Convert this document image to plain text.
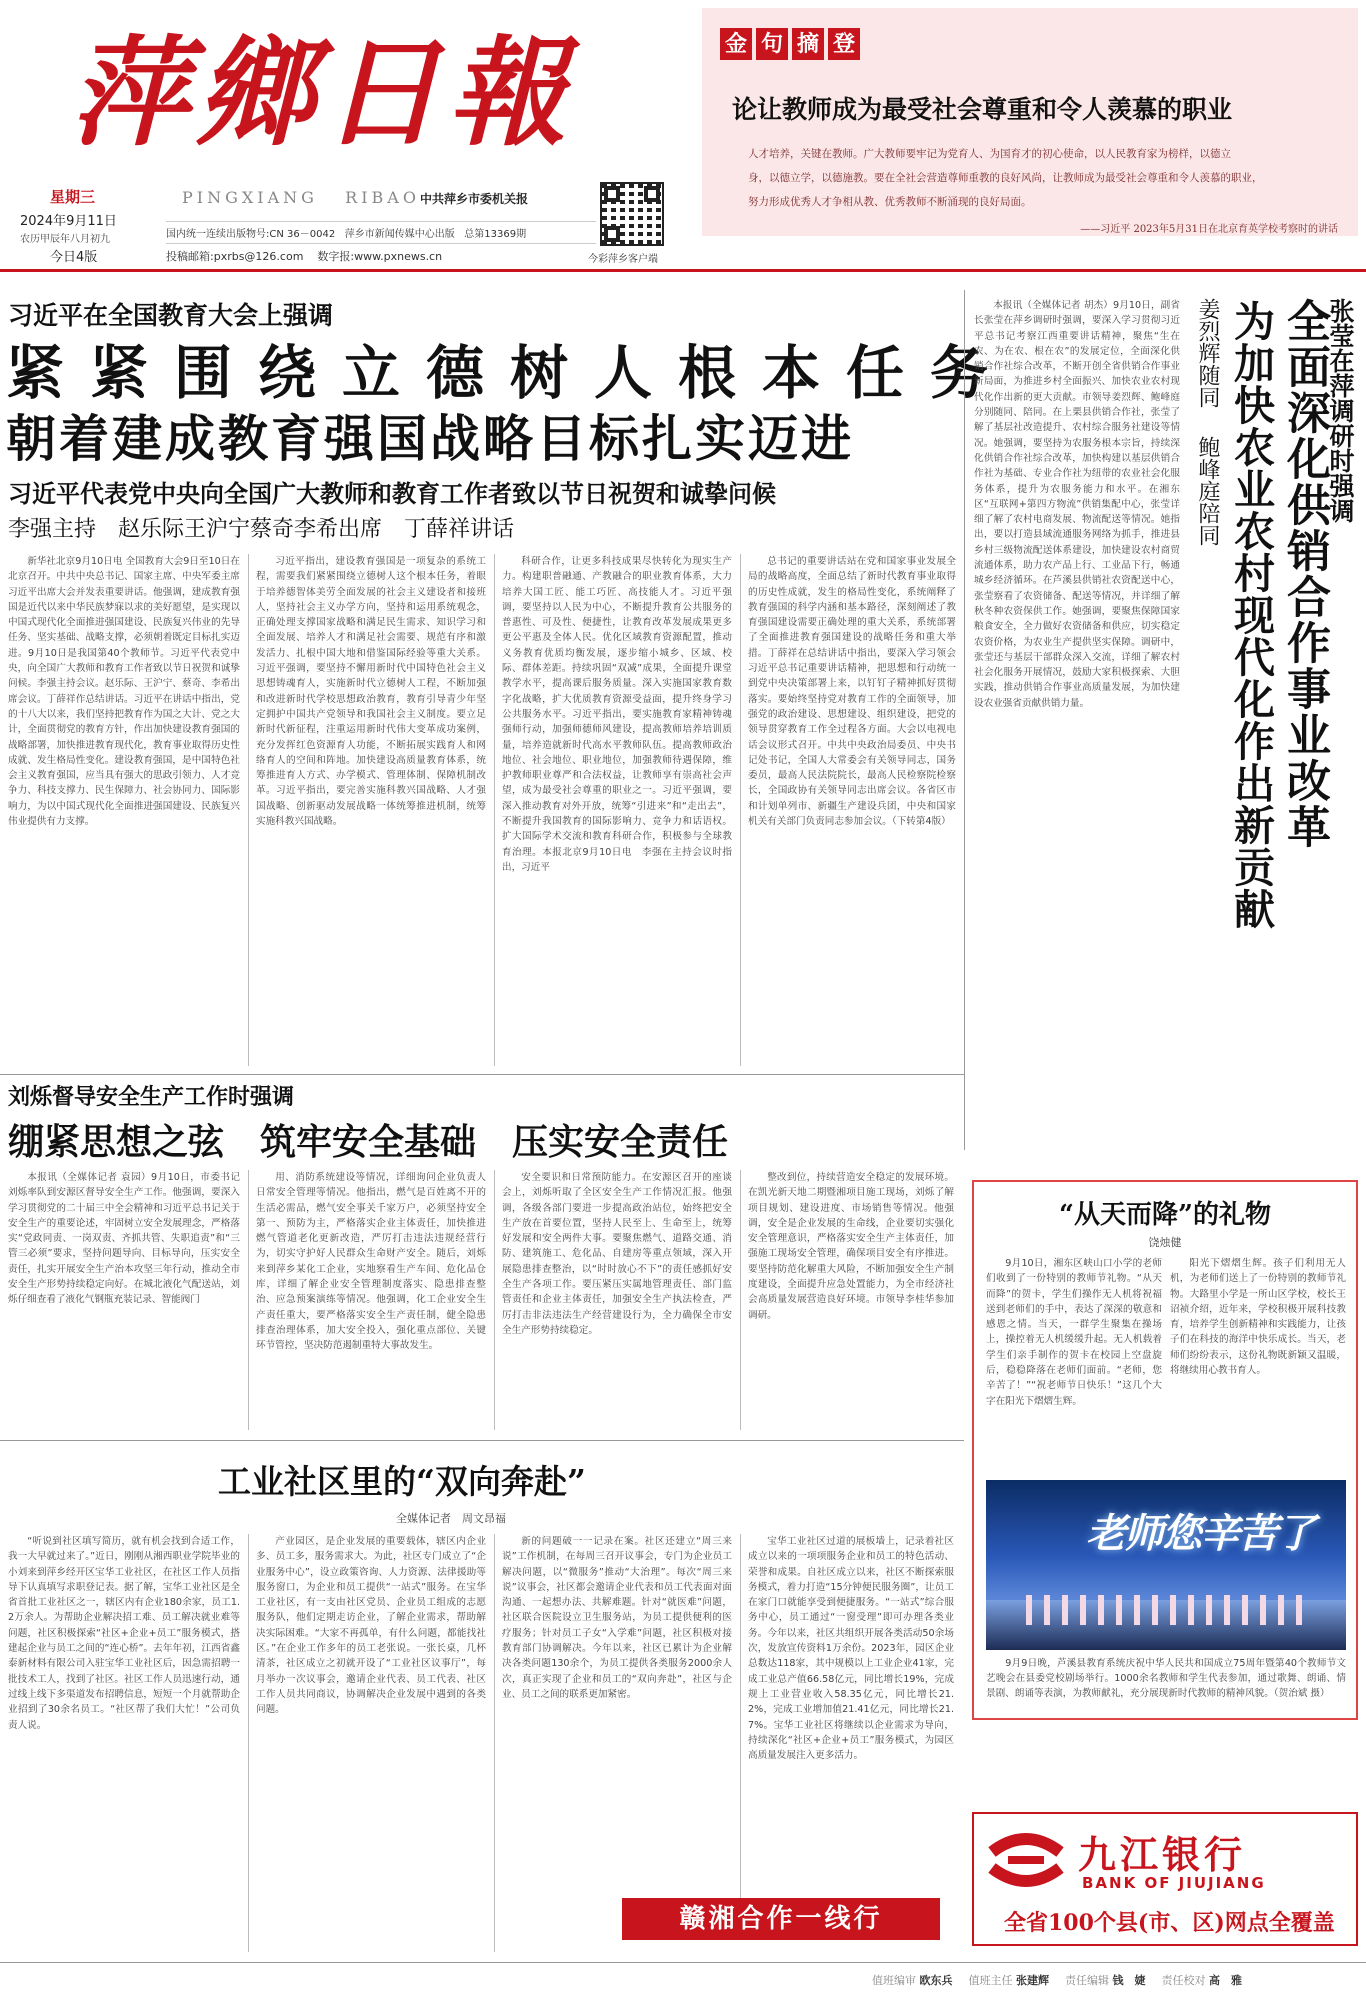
萍鄉日報
星期三
2024年9月11日
农历甲辰年八月初九
今日4版
PINGXIANG   RIBAO 中共萍乡市委机关报
国内统一连续出版物号:CN 36－0042 萍乡市新闻传媒中心出版 总第13369期
投稿邮箱:pxrbs@126.com 数字报:www.pxnews.cn	今彩萍乡客户端
金 句 摘 登
论让教师成为最受社会尊重和令人羡慕的职业
人才培养，关键在教师。广大教师要牢记为党育人、为国育才的初心使命，以人民教育家为榜样，以德立
身，以德立学，以德施教。要在全社会营造尊师重教的良好风尚，让教师成为最受社会尊重和令人羡慕的职业，
努力形成优秀人才争相从教、优秀教师不断涌现的良好局面。
——习近平 2023年5月31日在北京育英学校考察时的讲话
习近平在全国教育大会上强调
紧紧围绕立德树人根本任务
朝着建成教育强国战略目标扎实迈进
习近平代表党中央向全国广大教师和教育工作者致以节日祝贺和诚挚问候
李强主持　赵乐际王沪宁蔡奇李希出席　丁薛祥讲话

新华社北京9月10日电 全国教育大会9日至10日在北京召开。中共中央总书记、国家主席、中央军委主席习近平出席大会并发表重要讲话。他强调，建成教育强国是近代以来中华民族梦寐以求的美好愿望，是实现以中国式现代化全面推进强国建设、民族复兴伟业的先导任务、坚实基础、战略支撑，必须朝着既定目标扎实迈进。9月10日是我国第40个教师节。习近平代表党中央，向全国广大教师和教育工作者致以节日祝贺和诚挚问候。李强主持会议。赵乐际、王沪宁、蔡奇、李希出席会议。丁薛祥作总结讲话。习近平在讲话中指出，党的十八大以来，我们坚持把教育作为国之大计、党之大计，全面贯彻党的教育方针，作出加快建设教育强国的战略部署，加快推进教育现代化，教育事业取得历史性成就、发生格局性变化。建设教育强国，是中国特色社会主义教育强国，应当具有强大的思政引领力、人才竞争力、科技支撑力、民生保障力、社会协同力、国际影响力，为以中国式现代化全面推进强国建设、民族复兴伟业提供有力支撑。

习近平指出，建设教育强国是一项复杂的系统工程，需要我们紧紧围绕立德树人这个根本任务，着眼于培养德智体美劳全面发展的社会主义建设者和接班人，坚持社会主义办学方向，坚持和运用系统观念，正确处理支撑国家战略和满足民生需求、知识学习和全面发展、培养人才和满足社会需要、规范有序和激发活力、扎根中国大地和借鉴国际经验等重大关系。习近平强调，要坚持不懈用新时代中国特色社会主义思想铸魂育人，实施新时代立德树人工程，不断加强和改进新时代学校思想政治教育，教育引导青少年坚定拥护中国共产党领导和我国社会主义制度。要立足新时代新征程，注重运用新时代伟大变革成功案例，充分发挥红色资源育人功能，不断拓展实践育人和网络育人的空间和阵地。加快建设高质量教育体系，统筹推进育人方式、办学模式、管理体制、保障机制改革。习近平指出，要完善实施科教兴国战略、人才强国战略、创新驱动发展战略一体统筹推进机制，统筹实施科教兴国战略。

科研合作，让更多科技成果尽快转化为现实生产力。构建职普融通、产教融合的职业教育体系，大力培养大国工匠、能工巧匠、高技能人才。习近平强调，要坚持以人民为中心，不断提升教育公共服务的普惠性、可及性、便捷性，让教育改革发展成果更多更公平惠及全体人民。优化区域教育资源配置，推动义务教育优质均衡发展，逐步缩小城乡、区域、校际、群体差距。持续巩固“双减”成果，全面提升课堂教学水平，提高课后服务质量。深入实施国家教育数字化战略，扩大优质教育资源受益面，提升终身学习公共服务水平。习近平指出，要实施教育家精神铸魂强师行动，加强师德师风建设，提高教师培养培训质量，培养造就新时代高水平教师队伍。提高教师政治地位、社会地位、职业地位，加强教师待遇保障，维护教师职业尊严和合法权益，让教师享有崇高社会声望，成为最受社会尊重的职业之一。习近平强调，要深入推动教育对外开放，统筹“引进来”和“走出去”，不断提升我国教育的国际影响力、竞争力和话语权。扩大国际学术交流和教育科研合作，积极参与全球教育治理。本报北京9月10日电　李强在主持会议时指出，习近平

总书记的重要讲话站在党和国家事业发展全局的战略高度，全面总结了新时代教育事业取得的历史性成就，发生的格局性变化，系统阐释了教育强国的科学内涵和基本路径，深刻阐述了教育强国建设需要正确处理的重大关系，系统部署了全面推进教育强国建设的战略任务和重大举措。丁薛祥在总结讲话中指出，要深入学习领会习近平总书记重要讲话精神，把思想和行动统一到党中央决策部署上来，以钉钉子精神抓好贯彻落实。要始终坚持党对教育工作的全面领导，加强党的政治建设、思想建设、组织建设，把党的领导贯穿教育工作全过程各方面。大会以电视电话会议形式召开。中共中央政治局委员、中央书记处书记，全国人大常委会有关领导同志，国务委员，最高人民法院院长，最高人民检察院检察长，全国政协有关领导同志出席会议。各省区市和计划单列市、新疆生产建设兵团，中央和国家机关有关部门负责同志参加会议。（下转第4版）

张莹在萍调研时强调
全面深化供销合作事业改革
为加快农业农村现代化作出新贡献
姜烈辉随同
鲍峰庭陪同

本报讯（全媒体记者 胡杰）9月10日，副省长张莹在萍乡调研时强调，要深入学习贯彻习近平总书记考察江西重要讲话精神，聚焦“生在农、为在农、根在农”的发展定位，全面深化供销合作社综合改革，不断开创全省供销合作事业新局面，为推进乡村全面振兴、加快农业农村现代化作出新的更大贡献。市领导姜烈辉、鲍峰庭分别随同、陪同。在上栗县供销合作社，张莹了解了基层社改造提升、农村综合服务社建设等情况。她强调，要坚持为农服务根本宗旨，持续深化供销合作社综合改革，加快构建以基层供销合作社为基础、专业合作社为纽带的农业社会化服务体系，提升为农服务能力和水平。在湘东区“互联网+第四方物流”供销集配中心，张莹详细了解了农村电商发展、物流配送等情况。她指出，要以打造县域流通服务网络为抓手，推进县乡村三级物流配送体系建设，加快建设农村商贸流通体系，助力农产品上行、工业品下行，畅通城乡经济循环。在芦溪县供销社农资配送中心，张莹察看了农资储备、配送等情况，并详细了解秋冬种农资保供工作。她强调，要聚焦保障国家粮食安全，全力做好农资储备和供应，切实稳定农资价格，为农业生产提供坚实保障。调研中，张莹还与基层干部群众深入交流，详细了解农村社会化服务开展情况，鼓励大家积极探索、大胆实践，推动供销合作事业高质量发展，为加快建设农业强省贡献供销力量。

刘烁督导安全生产工作时强调
绷紧思想之弦　筑牢安全基础　压实安全责任

本报讯（全媒体记者 袁园）9月10日，市委书记刘烁率队到安源区督导安全生产工作。他强调，要深入学习贯彻党的二十届三中全会精神和习近平总书记关于安全生产的重要论述，牢固树立安全发展理念，严格落实“党政同责、一岗双责、齐抓共管、失职追责”和“三管三必须”要求，坚持问题导向、目标导向，压实安全责任，扎实开展安全生产治本攻坚三年行动，推动全市安全生产形势持续稳定向好。在城北液化气配送站，刘烁仔细查看了液化气钢瓶充装记录、智能阀门

用、消防系统建设等情况，详细询问企业负责人日常安全管理等情况。他指出，燃气是百姓离不开的生活必需品，燃气安全事关千家万户，必须坚持安全第一、预防为主，严格落实企业主体责任，加快推进燃气管道老化更新改造，严厉打击违法违规经营行为，切实守护好人民群众生命财产安全。随后，刘烁来到萍乡某化工企业，实地察看生产车间、危化品仓库，详细了解企业安全管理制度落实、隐患排查整治、应急预案演练等情况。他强调，化工企业安全生产责任重大，要严格落实安全生产责任制，健全隐患排查治理体系，加大安全投入，强化重点部位、关键环节管控，坚决防范遏制重特大事故发生。

安全要识和日常预防能力。在安源区召开的座谈会上，刘烁听取了全区安全生产工作情况汇报。他强调，各级各部门要进一步提高政治站位，始终把安全生产放在首要位置，坚持人民至上、生命至上，统筹好发展和安全两件大事。要聚焦燃气、道路交通、消防、建筑施工、危化品、自建房等重点领域，深入开展隐患排查整治，以“时时放心不下”的责任感抓好安全生产各项工作。要压紧压实属地管理责任、部门监管责任和企业主体责任，加强安全生产执法检查，严厉打击非法违法生产经营建设行为，全力确保全市安全生产形势持续稳定。

整改到位，持续营造安全稳定的发展环境。在凯光新天地二期暨湘项目施工现场，刘烁了解项目规划、建设进度、市场销售等情况。他强调，安全是企业发展的生命线，企业要切实强化安全管理意识，严格落实安全生产主体责任，加强施工现场安全管理，确保项目安全有序推进。要坚持防范化解重大风险，不断加强安全生产制度建设，全面提升应急处置能力，为全市经济社会高质量发展营造良好环境。市领导李桂华参加调研。

工业社区里的“双向奔赴”
全媒体记者　周文昂福

“听说到社区填写简历，就有机会找到合适工作，我一大早就过来了。”近日，刚刚从湘西职业学院毕业的小刘来到萍乡经开区宝华工业社区，在社区工作人员指导下认真填写求职登记表。据了解，宝华工业社区是全省首批工业社区之一，辖区内有企业180余家，员工1.2万余人。为帮助企业解决招工难、员工解决就业难等问题，社区积极探索“社区+企业+员工”服务模式，搭建起企业与员工之间的“连心桥”。去年年初，江西省鑫泰新材料有限公司入驻宝华工业社区后，因急需招聘一批技术工人，找到了社区。社区工作人员迅速行动，通过线上线下多渠道发布招聘信息，短短一个月就帮助企业招到了30余名员工。“社区帮了我们大忙！”公司负责人说。

产业园区，是企业发展的重要载体，辖区内企业多、员工多，服务需求大。为此，社区专门成立了“企业服务中心”，设立政策咨询、人力资源、法律援助等服务窗口，为企业和员工提供“一站式”服务。在宝华工业社区，有一支由社区党员、企业员工组成的志愿服务队，他们定期走访企业，了解企业需求，帮助解决实际困难。“大家不再孤单，有什么问题，都能找社区。”在企业工作多年的员工老张说。一张长桌，几杯清茶，社区成立之初就开设了“工业社区议事厅”，每月举办一次议事会，邀请企业代表、员工代表、社区工作人员共同商议，协调解决企业发展中遇到的各类问题。

新的问题破一一记录在案。社区还建立“周三来说”工作机制，在每周三召开议事会，专门为企业员工解决问题，以“微服务”推动“大治理”。每次“周三来说”议事会，社区都会邀请企业代表和员工代表面对面沟通、一起想办法、共解难题。针对“就医难”问题，社区联合医院设立卫生服务站，为员工提供便利的医疗服务；针对员工子女“入学难”问题，社区积极对接教育部门协调解决。今年以来，社区已累计为企业解决各类问题130余个，为员工提供各类服务2000余人次，真正实现了企业和员工的“双向奔赴”，社区与企业、员工之间的联系更加紧密。

宝华工业社区过道的展板墙上，记录着社区成立以来的一项项服务企业和员工的特色活动、荣誉和成果。自社区成立以来，社区不断探索服务模式，着力打造“15分钟便民服务圈”，让员工在家门口就能享受到便捷服务。“一站式”综合服务中心，员工通过“一窗受理”即可办理各类业务。今年以来，社区共组织开展各类活动50余场次，发放宣传资料1万余份。2023年，园区企业总数达118家，其中规模以上工业企业41家，完成工业总产值66.58亿元，同比增长19%，完成规上工业营业收入58.35亿元，同比增长21.2%，完成工业增加值21.41亿元，同比增长21.7%。宝华工业社区将继续以企业需求为导向，持续深化“社区+企业+员工”服务模式，为园区高质量发展注入更多活力。

赣湘合作一线行
“从天而降”的礼物
饶烛健

9月10日，湘东区峡山口小学的老师们收到了一份特别的教师节礼物。“从天而降”的贺卡，学生们操作无人机将祝福送到老师们的手中，表达了深深的敬意和感恩之情。当天，一群学生聚集在操场上，操控着无人机缓缓升起。无人机载着学生们亲手制作的贺卡在校园上空盘旋后，稳稳降落在老师们面前。“老师，您辛苦了！”“祝老师节日快乐！”这几个大字在阳光下熠熠生辉。

阳光下熠熠生辉。孩子们利用无人机，为老师们送上了一份特别的教师节礼物。大路里小学是一所山区学校，校长王诏祯介绍，近年来，学校积极开展科技教育，培养学生创新精神和实践能力，让孩子们在科技的海洋中快乐成长。当天，老师们纷纷表示，这份礼物既新颖又温暖，将继续用心教书育人。

老师您辛苦了
9月9日晚，芦溪县教育系统庆祝中华人民共和国成立75周年暨第40个教师节文艺晚会在县委党校剧场举行。1000余名教师和学生代表参加，通过歌舞、朗诵、情景剧、朗诵等表演，为教师献礼，充分展现新时代教师的精神风貌。（贺治斌 摄）
九江银行
BANK OF JIUJIANG
全省100个县(市、区)网点全覆盖
值班编审 欧东兵 值班主任 张建辉 责任编辑 钱　婕 责任校对 高　雅
